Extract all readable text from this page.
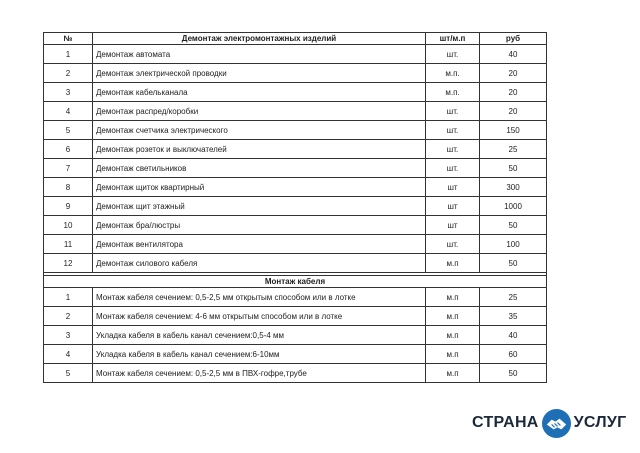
№	Демонтаж электромонтажных изделий	шт/м.п	руб
1	Демонтаж автомата	шт.	40
2	Демонтаж электрической проводки	м.п.	20
3	Демонтаж кабельканала	м.п.	20
4	Демонтаж распред/коробки	шт.	20
5	Демонтаж счетчика электрического	шт.	150
6	Демонтаж розеток и выключателей	шт.	25
7	Демонтаж светильников	шт.	50
8	Демонтаж щиток квартирный	шт	300
9	Демонтаж щит этажный	шт	1000
10	Демонтаж бра/люстры	шт	50
11	Демонтаж вентилятора	шт.	100
12	Демонтаж силового кабеля	м.п	50

Монтаж кабеля			
1	Монтаж кабеля сечением: 0,5-2,5 мм открытым способом или в лотке	м.п	25
2	Монтаж кабеля сечением: 4-6 мм открытым способом или в лотке	м.п	35
3	Укладка кабеля в кабель канал сечением:0,5-4 мм	м.п	40
4	Укладка кабеля в кабель канал сечением:6-10мм	м.п	60
5	Монтаж кабеля сечением: 0,5-2,5 мм в ПВХ-гофре,трубе	м.п	50
СТРАНА УСЛУГ
